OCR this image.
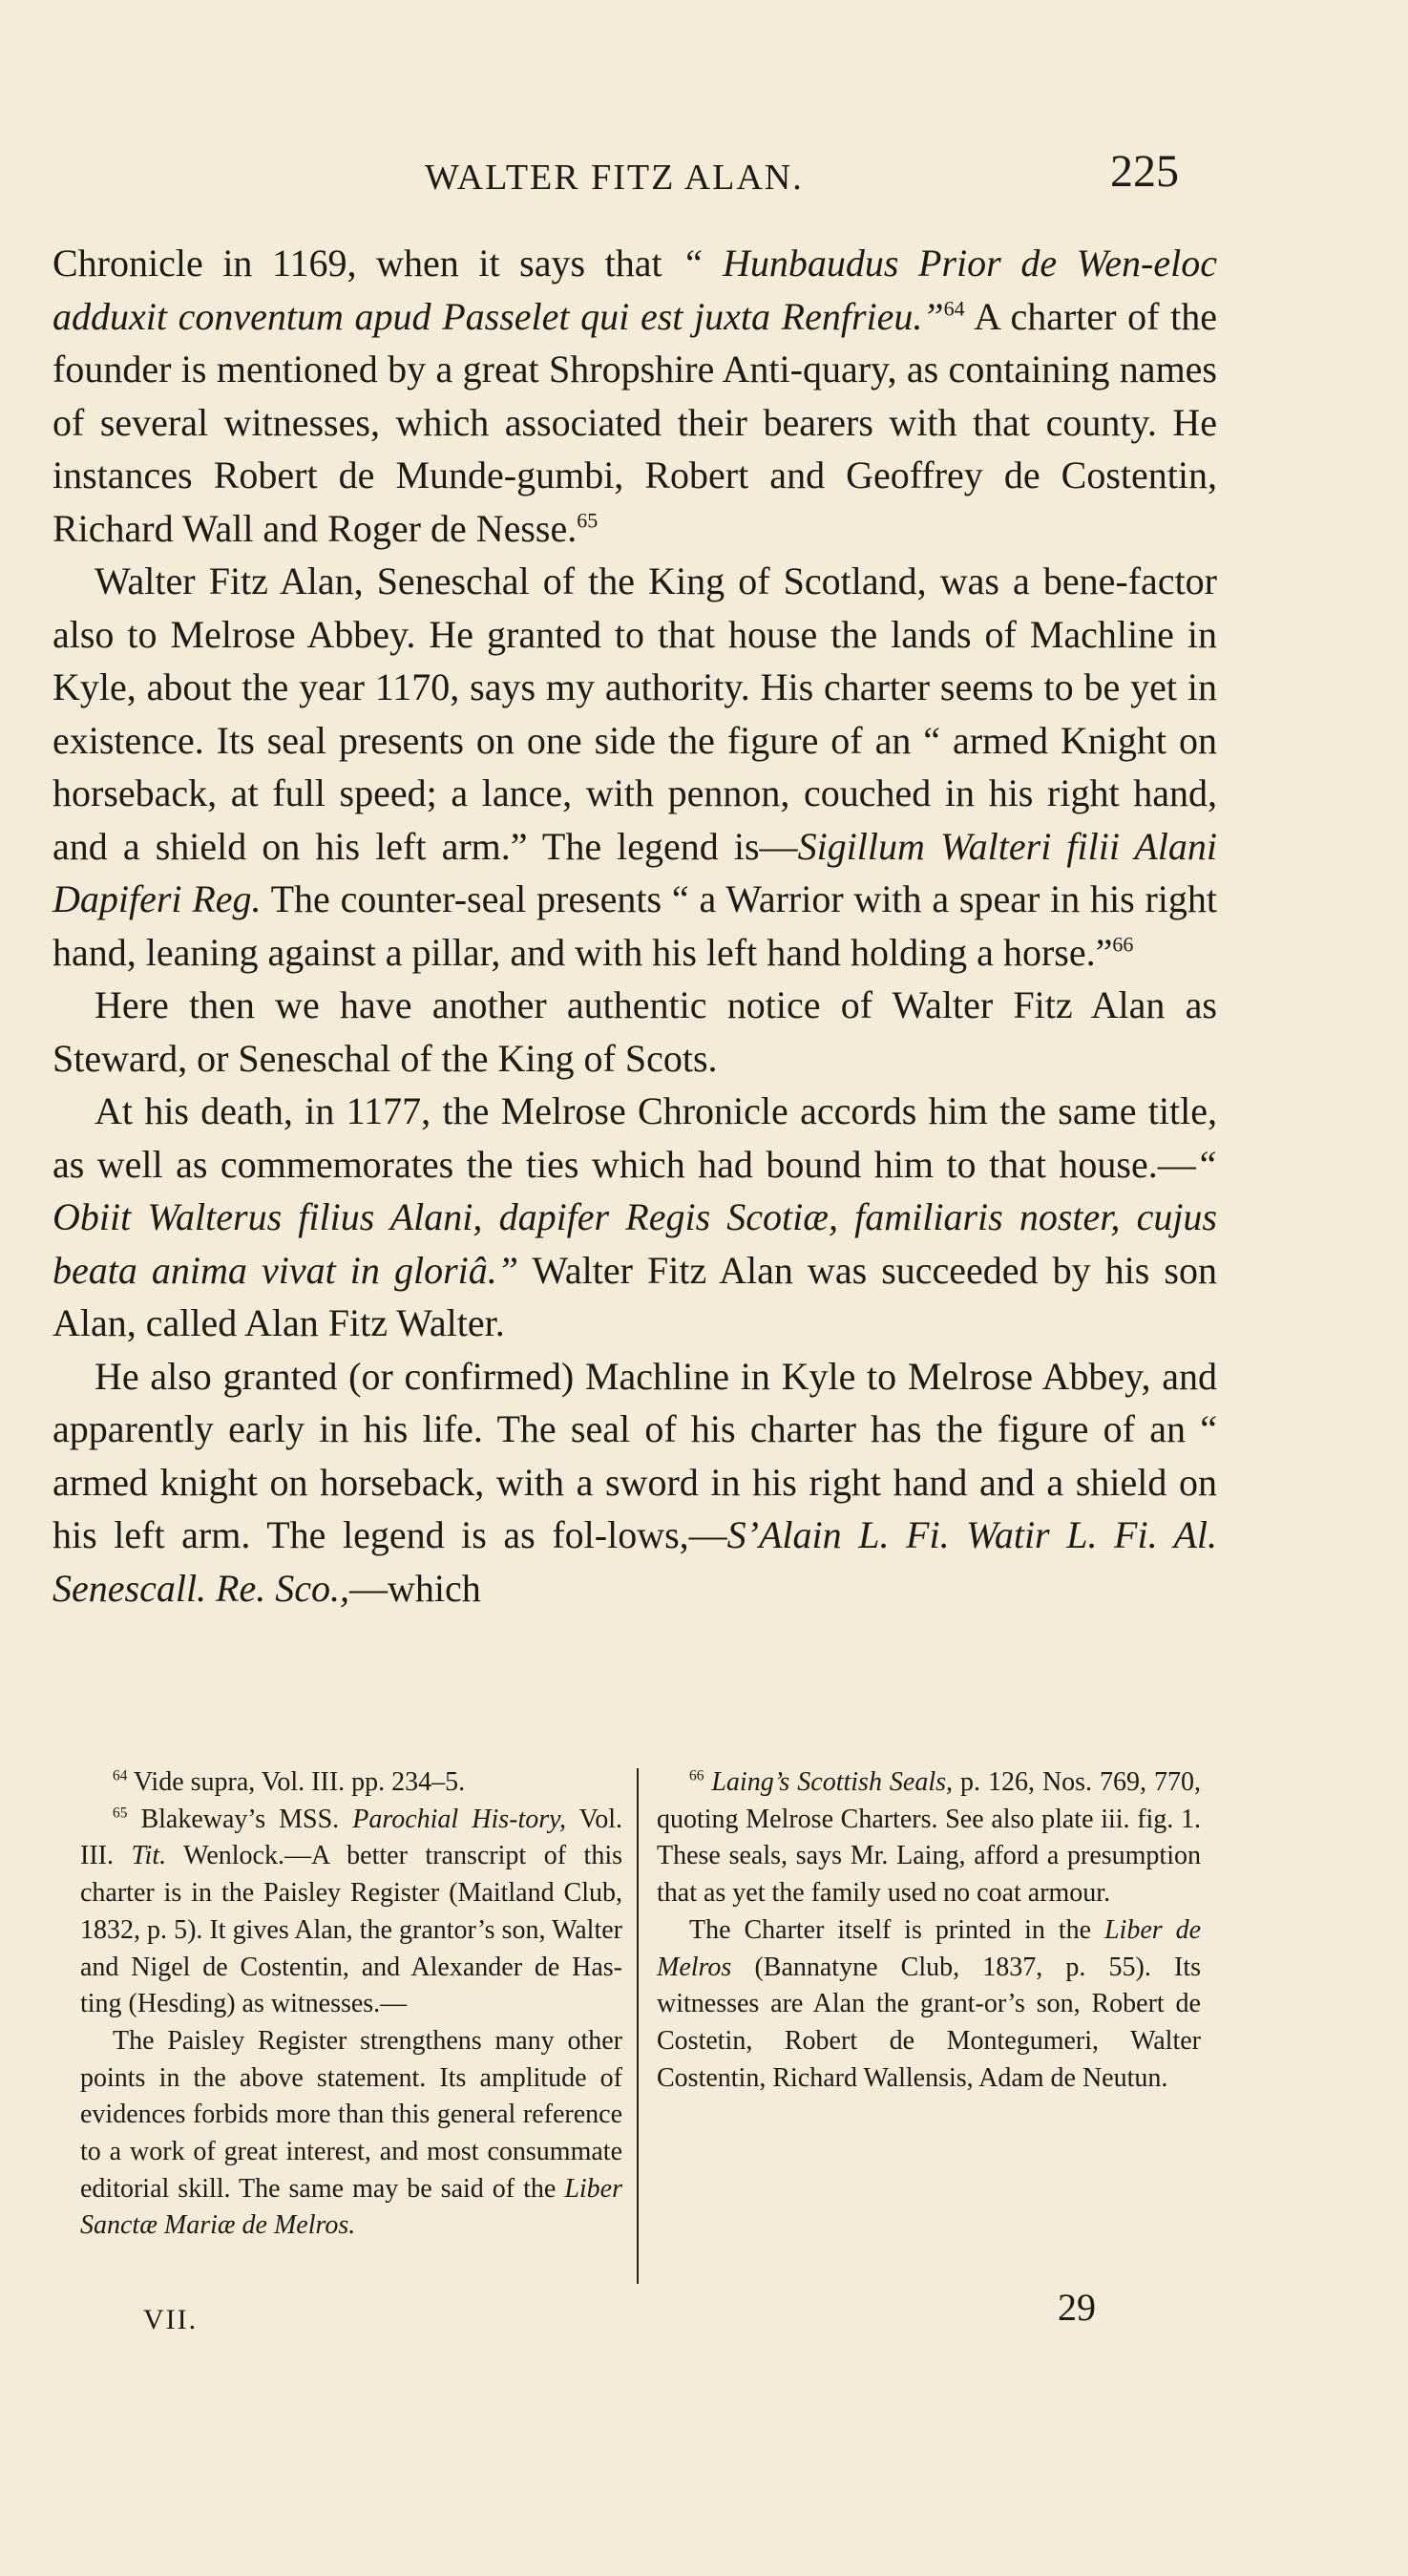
WALTER FITZ ALAN.	225

Chronicle in 1169, when it says that “ Hunbaudus Prior de Wen-eloc adduxit conventum apud Passelet qui est juxta Renfrieu.”$^{64}$ A charter of the founder is mentioned by a great Shropshire Anti-quary, as containing names of several witnesses, which associated their bearers with that county. He instances Robert de Munde-gumbi, Robert and Geoffrey de Costentin, Richard Wall and Roger de Nesse.$^{65}$

Walter Fitz Alan, Seneschal of the King of Scotland, was a bene-factor also to Melrose Abbey. He granted to that house the lands of Machline in Kyle, about the year 1170, says my authority. His charter seems to be yet in existence. Its seal presents on one side the figure of an “ armed Knight on horseback, at full speed; a lance, with pennon, couched in his right hand, and a shield on his left arm.” The legend is—Sigillum Walteri filii Alani Dapiferi Reg. The counter-seal presents “ a Warrior with a spear in his right hand, leaning against a pillar, and with his left hand holding a horse.”$^{66}$

Here then we have another authentic notice of Walter Fitz Alan as Steward, or Seneschal of the King of Scots.

At his death, in 1177, the Melrose Chronicle accords him the same title, as well as commemorates the ties which had bound him to that house.—“ Obiit Walterus filius Alani, dapifer Regis Scotiæ, familiaris noster, cujus beata anima vivat in gloriâ.” Walter Fitz Alan was succeeded by his son Alan, called Alan Fitz Walter.

He also granted (or confirmed) Machline in Kyle to Melrose Abbey, and apparently early in his life. The seal of his charter has the figure of an “ armed knight on horseback, with a sword in his right hand and a shield on his left arm. The legend is as fol-lows,—S’Alain L. Fi. Watir L. Fi. Al. Senescall. Re. Sco.,—which

$^{64}$ Vide supra, Vol. III. pp. 234–5.

$^{65}$ Blakeway’s MSS. Parochial His-tory, Vol. III. Tit. Wenlock.—A better transcript of this charter is in the Paisley Register (Maitland Club, 1832, p. 5). It gives Alan, the grantor’s son, Walter and Nigel de Costentin, and Alexander de Has-ting (Hesding) as witnesses.—

The Paisley Register strengthens many other points in the above statement. Its amplitude of evidences forbids more than this general reference to a work of great interest, and most consummate editorial skill. The same may be said of the Liber Sanctæ Mariæ de Melros.

$^{66}$ Laing’s Scottish Seals, p. 126, Nos. 769, 770, quoting Melrose Charters. See also plate iii. fig. 1. These seals, says Mr. Laing, afford a presumption that as yet the family used no coat armour.

The Charter itself is printed in the Liber de Melros (Bannatyne Club, 1837, p. 55). Its witnesses are Alan the grant-or’s son, Robert de Costetin, Robert de Montegumeri, Walter Costentin, Richard Wallensis, Adam de Neutun.

VII.	29
